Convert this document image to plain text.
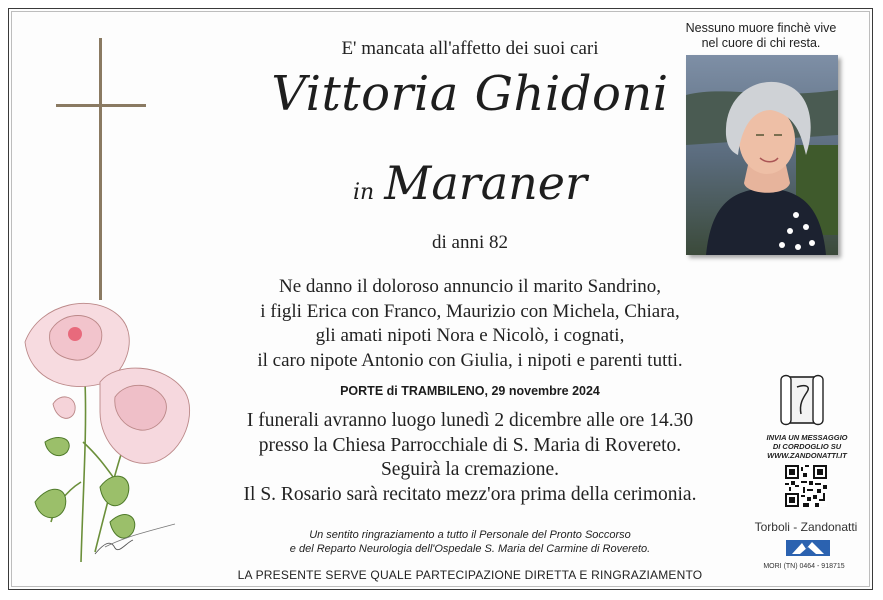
E' mancata all'affetto dei suoi cari
Vittoria Ghidoni
in Maraner
di anni 82
Ne danno il doloroso annuncio il marito Sandrino,
i figli Erica con Franco, Maurizio con Michela, Chiara,
gli amati nipoti Nora e Nicolò, i cognati,
il caro nipote Antonio con Giulia, i nipoti e parenti tutti.
PORTE di TRAMBILENO, 29 novembre 2024
I funerali avranno luogo lunedì 2 dicembre alle ore 14.30
presso la Chiesa Parrocchiale di S. Maria di Rovereto.
Seguirà la cremazione.
Il S. Rosario sarà recitato mezz'ora prima della cerimonia.
Un sentito ringraziamento a tutto il Personale del Pronto Soccorso
e del Reparto Neurologia dell'Ospedale S. Maria del Carmine di Rovereto.
LA PRESENTE SERVE QUALE PARTECIPAZIONE DIRETTA E RINGRAZIAMENTO
Nessuno muore finchè vive
nel cuore di chi resta.
INVIA UN MESSAGGIO
DI CORDOGLIO SU
WWW.ZANDONATTI.IT
Torboli - Zandonatti
MORI (TN) 0464 - 918715
